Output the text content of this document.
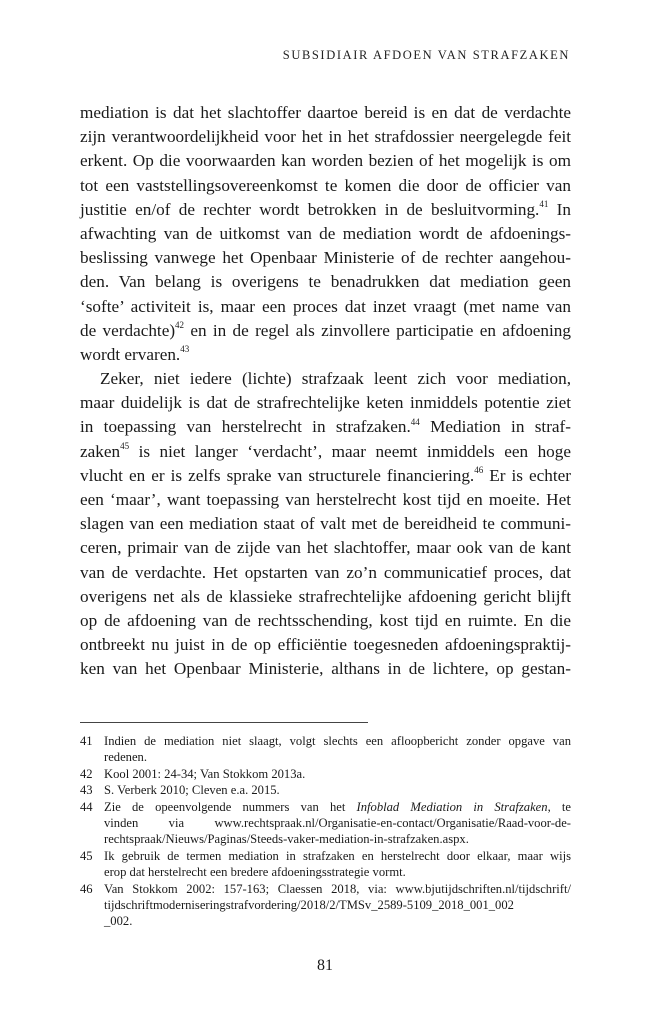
SUBSIDIAIR AFDOEN VAN STRAFZAKEN
mediation is dat het slachtoffer daartoe bereid is en dat de verdachte
zijn verantwoordelijkheid voor het in het strafdossier neergelegde feit
erkent. Op die voorwaarden kan worden bezien of het mogelijk is om
tot een vaststellingsovereenkomst te komen die door de officier van
justitie en/of de rechter wordt betrokken in de besluitvorming.$^{41}$ In
afwachting van de uitkomst van de mediation wordt de afdoenings-
beslissing vanwege het Openbaar Ministerie of de rechter aangehou-
den. Van belang is overigens te benadrukken dat mediation geen
‘softe’ activiteit is, maar een proces dat inzet vraagt (met name van
de verdachte)$^{42}$ en in de regel als zinvollere participatie en afdoening
wordt ervaren.$^{43}$
Zeker, niet iedere (lichte) strafzaak leent zich voor mediation,
maar duidelijk is dat de strafrechtelijke keten inmiddels potentie ziet
in toepassing van herstelrecht in strafzaken.$^{44}$ Mediation in straf-
zaken$^{45}$ is niet langer ‘verdacht’, maar neemt inmiddels een hoge
vlucht en er is zelfs sprake van structurele financiering.$^{46}$ Er is echter
een ‘maar’, want toepassing van herstelrecht kost tijd en moeite. Het
slagen van een mediation staat of valt met de bereidheid te communi-
ceren, primair van de zijde van het slachtoffer, maar ook van de kant
van de verdachte. Het opstarten van zo’n communicatief proces, dat
overigens net als de klassieke strafrechtelijke afdoening gericht blijft
op de afdoening van de rechtsschending, kost tijd en ruimte. En die
ontbreekt nu juist in de op efficiëntie toegesneden afdoeningspraktij-
ken van het Openbaar Ministerie, althans in de lichtere, op gestan-
41 Indien de mediation niet slaagt, volgt slechts een afloopbericht zonder opgave van
redenen.
42 Kool 2001: 24-34; Van Stokkom 2013a.
43 S. Verberk 2010; Cleven e.a. 2015.
44 Zie de opeenvolgende nummers van het Infoblad Mediation in Strafzaken, te
vinden via www.rechtspraak.nl/Organisatie-en-contact/Organisatie/Raad-voor-de-
rechtspraak/Nieuws/Paginas/Steeds-vaker-mediation-in-strafzaken.aspx.
45 Ik gebruik de termen mediation in strafzaken en herstelrecht door elkaar, maar wijs
erop dat herstelrecht een bredere afdoeningsstrategie vormt.
46 Van Stokkom 2002: 157-163; Claessen 2018, via: www.bjutijdschriften.nl/tijdschrift/
tijdschriftmoderniseringstrafvordering/2018/2/TMSv_2589-5109_2018_001_002
_002.
81
